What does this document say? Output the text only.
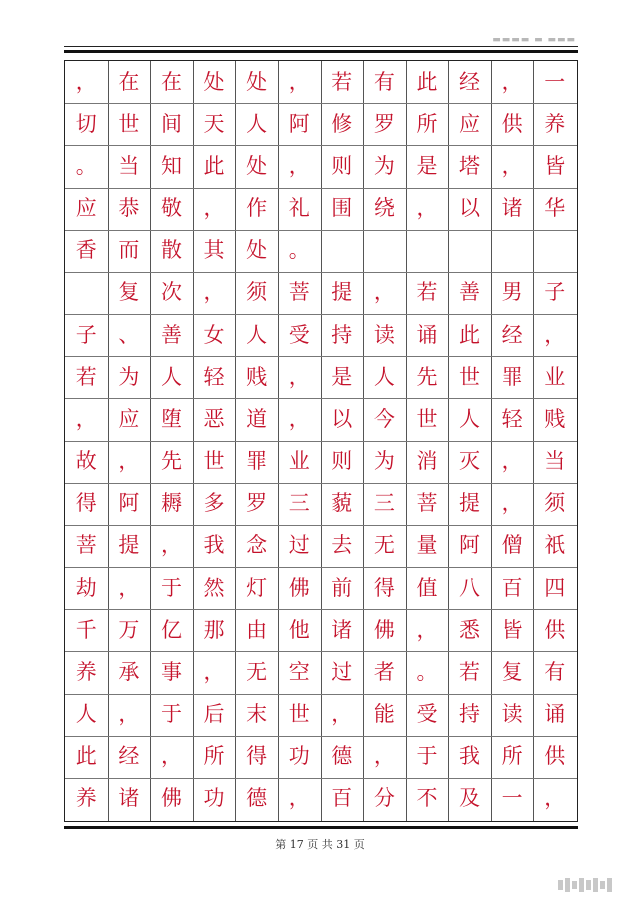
▬▬▬▬ ▬ ▬▬▬
，
切
。
应
香
子
若
，
故
得
菩
劫
千
养
人
此
养
在
世
当
恭
而
复
、
为
应
，
阿
提
，
万
承
，
经
诸
在
间
知
敬
散
次
善
人
堕
先
耨
，
于
亿
事
于
，
佛
处
天
此
，
其
，
女
轻
恶
世
多
我
然
那
，
后
所
功
处
人
处
作
处
须
人
贱
道
罪
罗
念
灯
由
无
末
得
德
，
阿
，
礼
。
菩
受
，
，
业
三
过
佛
他
空
世
功
，
若
修
则
围
提
持
是
以
则
藐
去
前
诸
过
，
德
百
有
罗
为
绕
，
读
人
今
为
三
无
得
佛
者
能
，
分
此
所
是
，
若
诵
先
世
消
菩
量
值
，
。
受
于
不
经
应
塔
以
善
此
世
人
灭
提
阿
八
悉
若
持
我
及
，
供
，
诸
男
经
罪
轻
，
，
僧
百
皆
复
读
所
一
一
养
皆
华
子
，
业
贱
当
须
祇
四
供
有
诵
供
，
第 17 页 共 31 页
